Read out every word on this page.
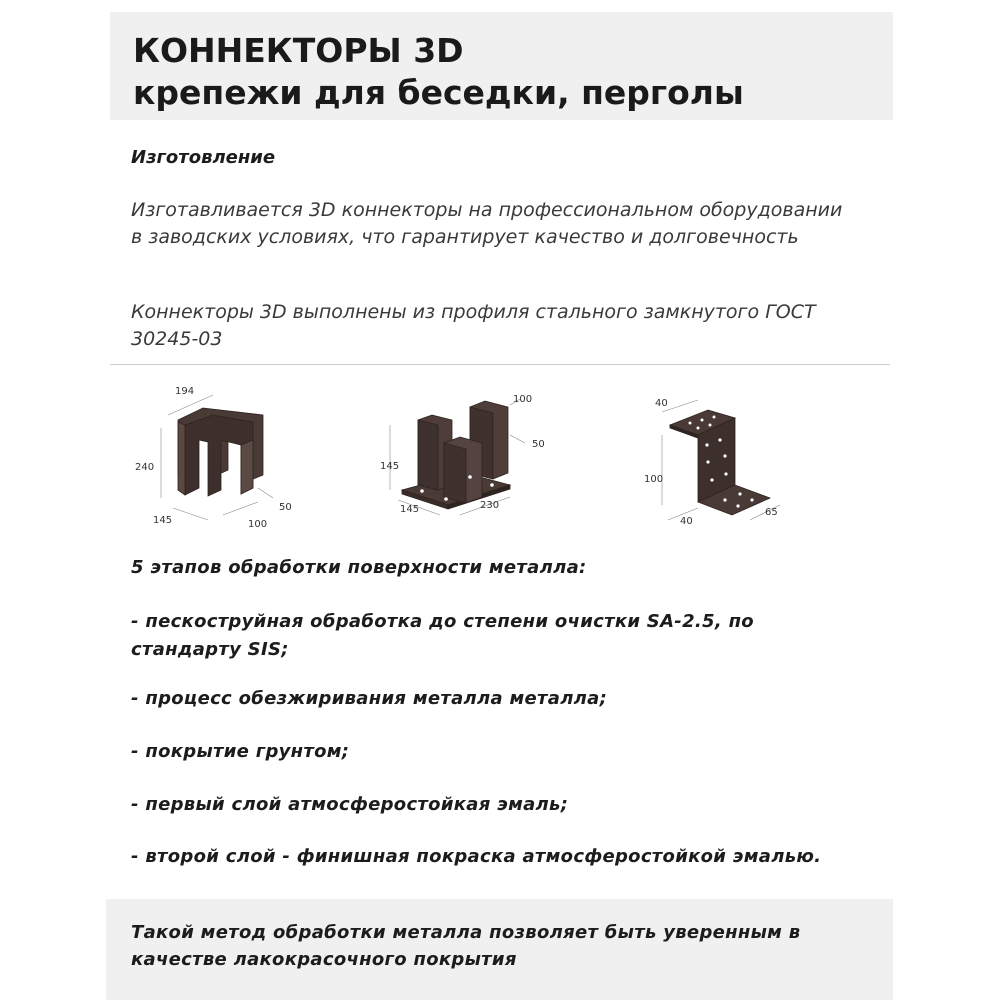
КОННЕКТОРЫ 3D
крепежи для беседки, перголы
Изготовление
Изготавливается 3D коннекторы на профессиональном оборудовании в заводских условиях, что гарантирует качество и долговечность
Коннекторы 3D выполнены из профиля стального замкнутого ГОСТ 30245-03
194
240
145	100
50
100
50
145
145	230
40
100
40
65
5 этапов обработки поверхности металла:
- пескоструйная обработка до степени очистки SA-2.5, по стандарту SIS;
- процесс обезжиривания металла металла;
- покрытие грунтом;
- первый слой атмосферостойкая эмаль;
- второй слой - финишная покраска атмосферостойкой эмалью.
Такой метод обработки металла позволяет быть уверенным в качестве лакокрасочного покрытия
